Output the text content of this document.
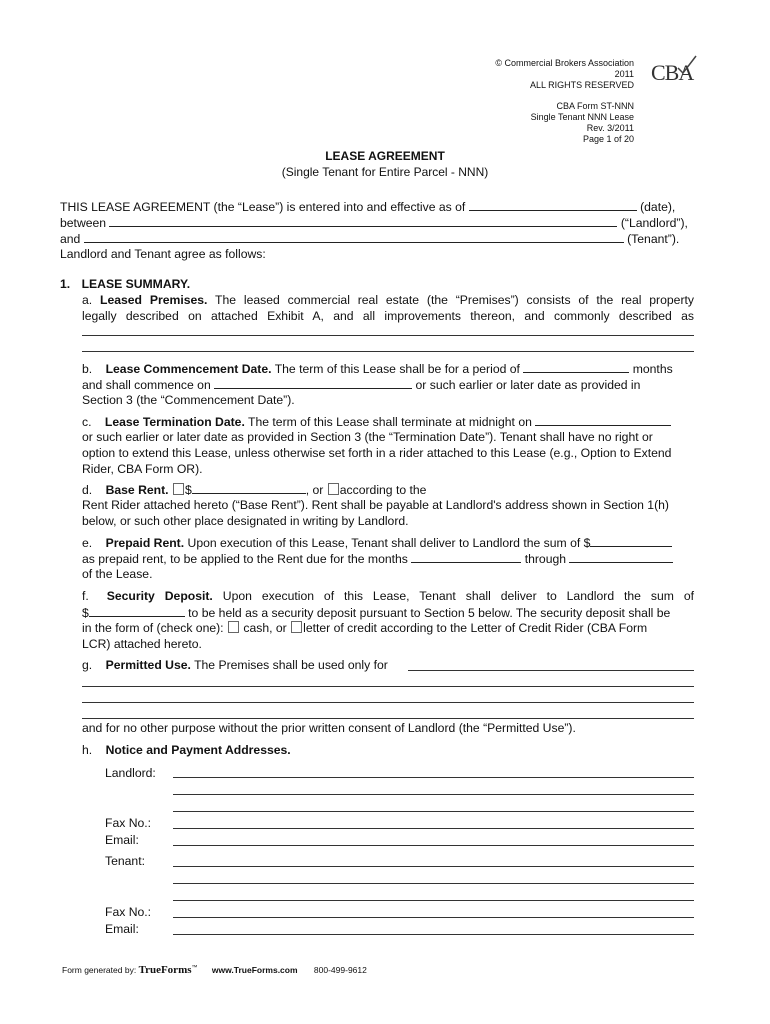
© Commercial Brokers Association
2011
ALL RIGHTS RESERVED CBA
CBA Form ST-NNN
Single Tenant NNN Lease
Rev. 3/2011
Page 1 of 20
LEASE AGREEMENT
(Single Tenant for Entire Parcel - NNN)
THIS LEASE AGREEMENT (the “Lease”) is entered into and effective as of	(date),
between	(“Landlord”),
and	(Tenant”).
Landlord and Tenant agree as follows:
1. LEASE SUMMARY.
a. Leased Premises. The leased commercial real estate (the “Premises”) consists of the real property
legally described on attached Exhibit A, and all improvements thereon, and commonly described as
b. Lease Commencement Date. The term of this Lease shall be for a period of	months
and shall commence on	or such earlier or later date as provided in
Section 3 (the “Commencement Date”).
c. Lease Termination Date. The term of this Lease shall terminate at midnight on
or such earlier or later date as provided in Section 3 (the “Termination Date”). Tenant shall have no right or
option to extend this Lease, unless otherwise set forth in a rider attached to this Lease (e.g., Option to Extend
Rider, CBA Form OR).
d. Base Rent. $	, or according to the
Rent Rider attached hereto (“Base Rent”). Rent shall be payable at Landlord's address shown in Section 1(h)
below, or such other place designated in writing by Landlord.
e. Prepaid Rent. Upon execution of this Lease, Tenant shall deliver to Landlord the sum of $
as prepaid rent, to be applied to the Rent due for the months	through
of the Lease.
f. Security Deposit. Upon execution of this Lease, Tenant shall deliver to Landlord the sum of
$	to be held as a security deposit pursuant to Section 5 below. The security deposit shall be
in the form of (check one): cash, or letter of credit according to the Letter of Credit Rider (CBA Form
LCR) attached hereto.
g. Permitted Use. The Premises shall be used only for
and for no other purpose without the prior written consent of Landlord (the “Permitted Use”).
h. Notice and Payment Addresses.
Landlord:
Fax No.:
Email:
Tenant:
Fax No.:
Email:
Form generated by: TrueForms™ www.TrueForms.com 800-499-9612
